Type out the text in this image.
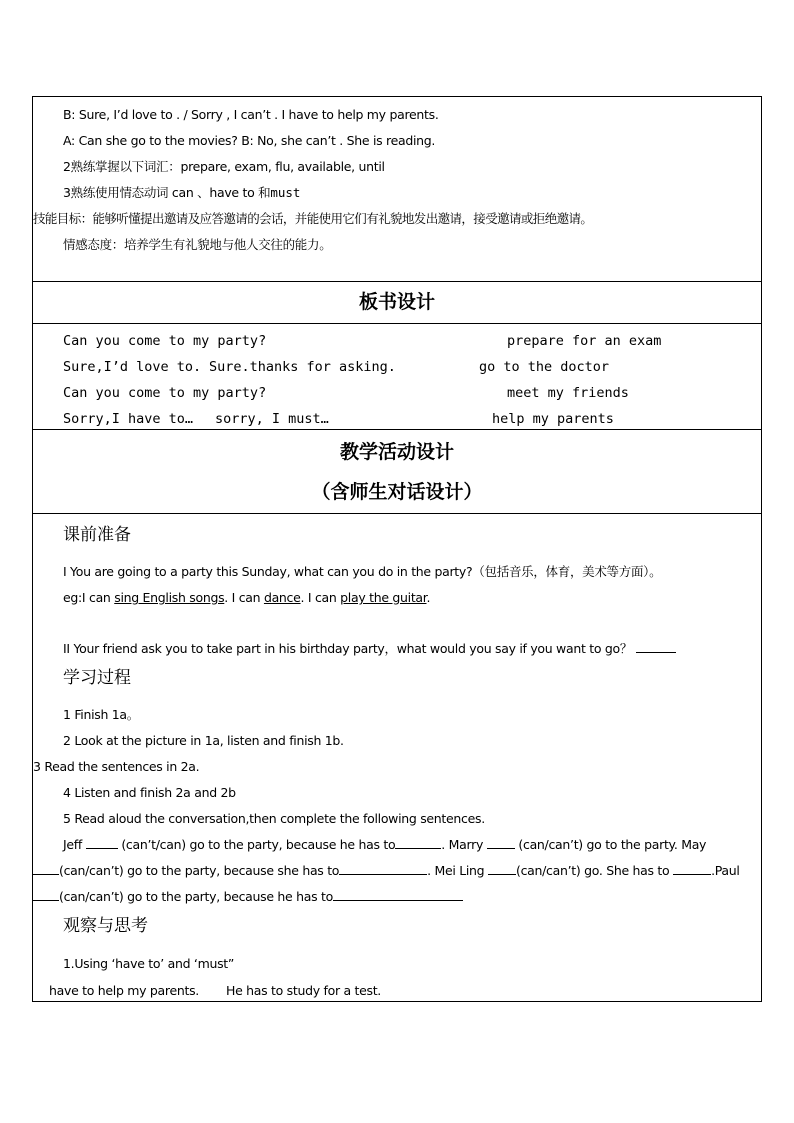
B: Sure, I’d love to . / Sorry , I can’t . I have to help my parents.
A: Can she go to the movies? B: No, she can’t . She is reading.
2熟练掌握以下词汇：prepare, exam, flu, available, until
3熟练使用情态动词 can 、have to 和must
技能目标：能够听懂提出邀请及应答邀请的会话，并能使用它们有礼貌地发出邀请，接受邀请或拒绝邀请。
情感态度：培养学生有礼貌地与他人交往的能力。
板书设计
Can you come to my party?	prepare for an exam
Sure,I’d love to. Sure.thanks for asking.	go to the doctor
Can you come to my party?	meet my friends
Sorry,I have to… sorry, I must…	help my parents
教学活动设计
（含师生对话设计）
课前准备
I You are going to a party this Sunday, what can you do in the party?（包括音乐，体育，美术等方面）。
eg:I can sing English songs. I can dance. I can play the guitar.
II Your friend ask you to take part in his birthday party，what would you say if you want to go？
学习过程
1 Finish 1a。
2 Look at the picture in 1a, listen and finish 1b.
3 Read the sentences in 2a.
4 Listen and finish 2a and 2b
5 Read aloud the conversation,then complete the following sentences.
Jeff	(can’t/can) go to the party, because he has to	. Marry	(can/can’t) go to the party. May
(can/can’t) go to the party, because she has to	. Mei Ling	(can/can’t) go. She has to	.Paul
(can/can’t) go to the party, because he has to
观察与思考
1.Using ‘have to’ and ‘must”
have to help my parents. He has to study for a test.
